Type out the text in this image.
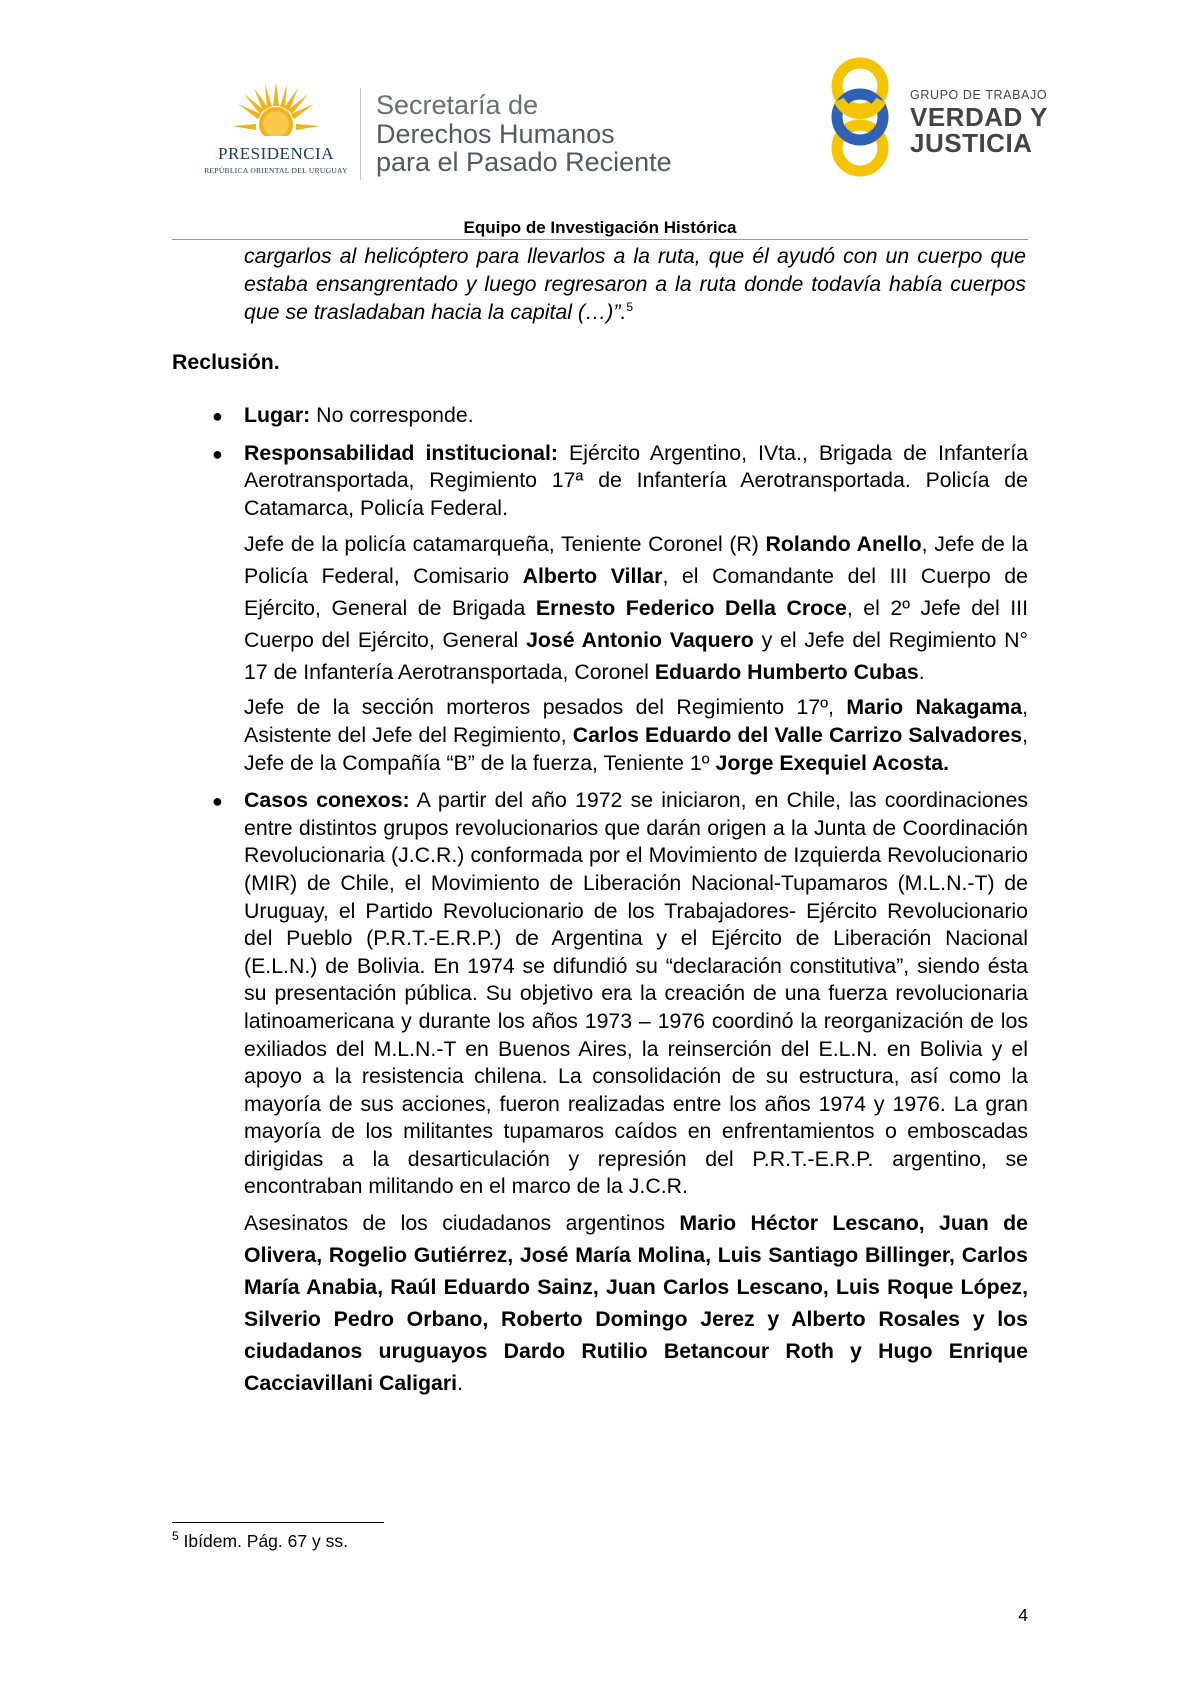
PRESIDENCIA
REPÚBLICA ORIENTAL DEL URUGUAY
Secretaría de
Derechos Humanos
para el Pasado Reciente
GRUPO DE TRABAJO
VERDAD Y
JUSTICIA
Equipo de Investigación Histórica
cargarlos al helicóptero para llevarlos a la ruta, que él ayudó con un cuerpo que estaba ensangrentado y luego regresaron a la ruta donde todavía había cuerpos que se trasladaban hacia la capital (…)”.$^5$
Reclusión.
● Lugar: No corresponde.

● Responsabilidad institucional: Ejército Argentino, IVta., Brigada de Infantería Aerotransportada, Regimiento 17ª de Infantería Aerotransportada. Policía de Catamarca, Policía Federal.

Jefe de la policía catamarqueña, Teniente Coronel (R) Rolando Anello, Jefe de la Policía Federal, Comisario Alberto Villar, el Comandante del III Cuerpo de Ejército, General de Brigada Ernesto Federico Della Croce, el 2º Jefe del III Cuerpo del Ejército, General José Antonio Vaquero y el Jefe del Regimiento N° 17 de Infantería Aerotransportada, Coronel Eduardo Humberto Cubas.

Jefe de la sección morteros pesados del Regimiento 17º, Mario Nakagama, Asistente del Jefe del Regimiento, Carlos Eduardo del Valle Carrizo Salvadores, Jefe de la Compañía “B” de la fuerza, Teniente 1º Jorge Exequiel Acosta.

● Casos conexos: A partir del año 1972 se iniciaron, en Chile, las coordinaciones entre distintos grupos revolucionarios que darán origen a la Junta de Coordinación Revolucionaria (J.C.R.) conformada por el Movimiento de Izquierda Revolucionario (MIR) de Chile, el Movimiento de Liberación Nacional-Tupamaros (M.L.N.-T) de Uruguay, el Partido Revolucionario de los Trabajadores- Ejército Revolucionario del Pueblo (P.R.T.-E.R.P.) de Argentina y el Ejército de Liberación Nacional (E.L.N.) de Bolivia. En 1974 se difundió su “declaración constitutiva”, siendo ésta su presentación pública. Su objetivo era la creación de una fuerza revolucionaria latinoamericana y durante los años 1973 – 1976 coordinó la reorganización de los exiliados del M.L.N.-T en Buenos Aires, la reinserción del E.L.N. en Bolivia y el apoyo a la resistencia chilena. La consolidación de su estructura, así como la mayoría de sus acciones, fueron realizadas entre los años 1974 y 1976. La gran mayoría de los militantes tupamaros caídos en enfrentamientos o emboscadas dirigidas a la desarticulación y represión del P.R.T.-E.R.P. argentino, se encontraban militando en el marco de la J.C.R.

Asesinatos de los ciudadanos argentinos Mario Héctor Lescano, Juan de Olivera, Rogelio Gutiérrez, José María Molina, Luis Santiago Billinger, Carlos María Anabia, Raúl Eduardo Sainz, Juan Carlos Lescano, Luis Roque López, Silverio Pedro Orbano, Roberto Domingo Jerez y Alberto Rosales y los ciudadanos uruguayos Dardo Rutilio Betancour Roth y Hugo Enrique Cacciavillani Caligari.

$^5$ Ibídem. Pág. 67 y ss.
4
